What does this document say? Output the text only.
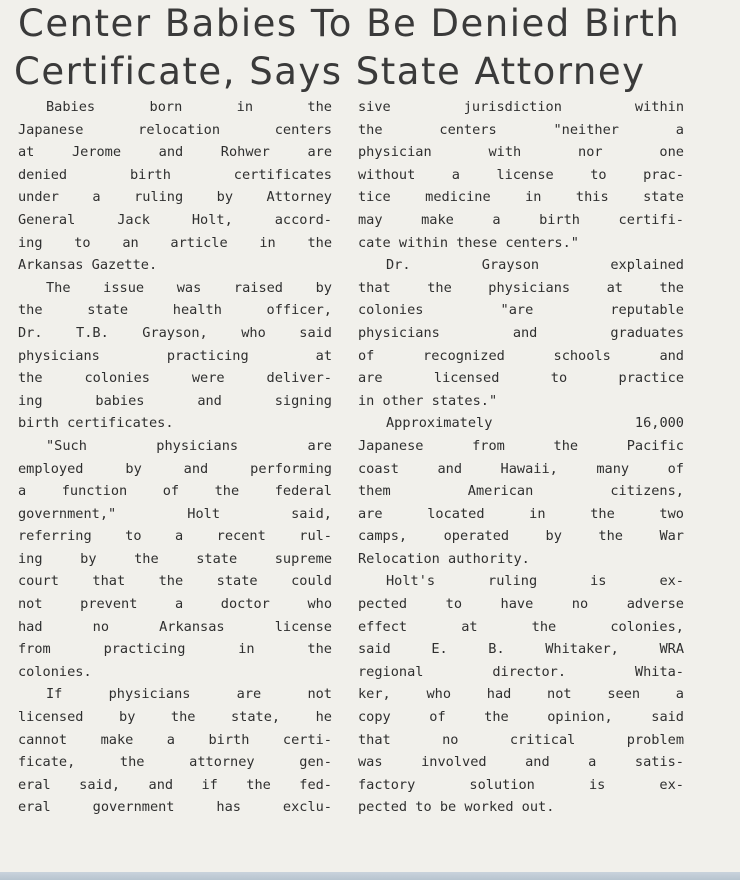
Center Babies To Be Denied Birth
Certificate, Says State Attorney
Babies born in the
Japanese relocation centers
at Jerome and Rohwer are
denied birth certificates
under a ruling by Attorney
General Jack Holt, accord-
ing to an article in the
Arkansas Gazette.
The issue was raised by
the state health officer,
Dr. T.B. Grayson, who said
physicians practicing at
the colonies were deliver-
ing babies and signing
birth certificates.
"Such physicians are
employed by and performing
a function of the federal
government," Holt said,
referring to a recent rul-
ing by the state supreme
court that the state could
not prevent a doctor who
had no Arkansas license
from practicing in the
colonies.
If physicians are not
licensed by the state, he
cannot make a birth certi-
ficate, the attorney gen-
eral said, and if the fed-
eral government has exclu-
sive jurisdiction within
the centers "neither a
physician with nor one
without a license to prac-
tice medicine in this state
may make a birth certifi-
cate within these centers."
Dr. Grayson explained
that the physicians at the
colonies "are reputable
physicians and graduates
of recognized schools and
are licensed to practice
in other states."
Approximately 16,000
Japanese from the Pacific
coast and Hawaii, many of
them American citizens,
are located in the two
camps, operated by the War
Relocation authority.
Holt's ruling is ex-
pected to have no adverse
effect at the colonies,
said E. B. Whitaker, WRA
regional director. Whita-
ker, who had not seen a
copy of the opinion, said
that no critical problem
was involved and a satis-
factory solution is ex-
pected to be worked out.
